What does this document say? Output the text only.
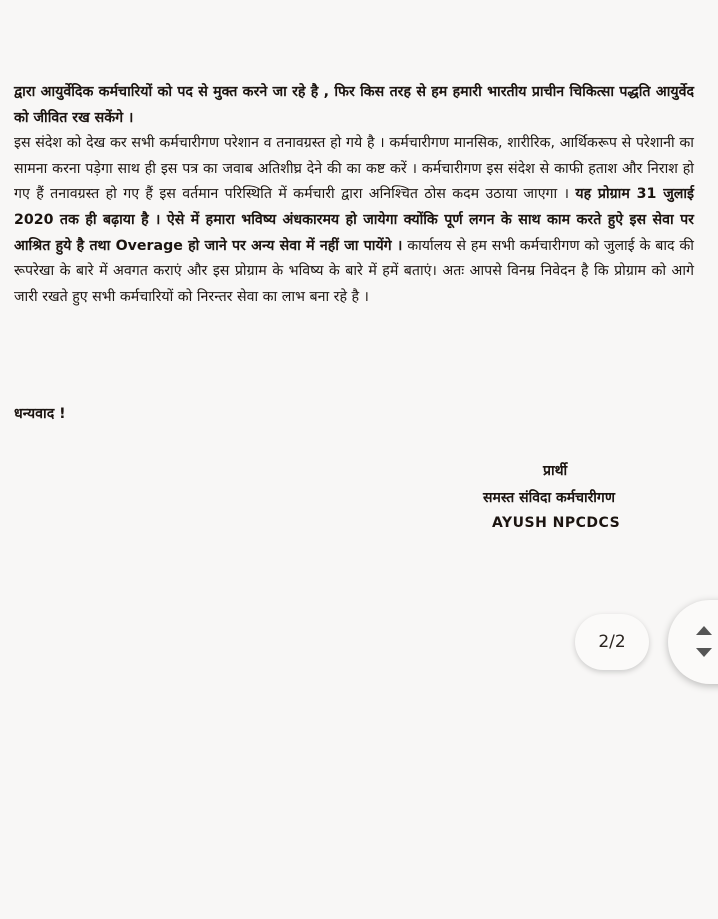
द्वारा आयुर्वेदिक कर्मचारियों को पद से मुक्त करने जा रहे है , फिर किस तरह से हम हमारी भारतीय प्राचीन चिकित्सा पद्धति आयुर्वेद को जीवित रख सकेंगे ।

इस संदेश को देख कर सभी कर्मचारीगण परेशान व तनावग्रस्त हो गये है । कर्मचारीगण मानसिक, शारीरिक, आर्थिकरूप से परेशानी का सामना करना पड़ेगा साथ ही इस पत्र का जवाब अतिशीघ्र देने की का कष्ट करें । कर्मचारीगण इस संदेश से काफी हताश और निराश हो गए हैं तनावग्रस्त हो गए हैं इस वर्तमान परिस्थिति में कर्मचारी द्वारा अनिश्चित ठोस कदम उठाया जाएगा । यह प्रोग्राम 31 जुलाई 2020 तक ही बढ़ाया है । ऐसे में हमारा भविष्य अंधकारमय हो जायेगा क्योंकि पूर्ण लगन के साथ काम करते हुऐ इस सेवा पर आश्रित हुये है तथा Overage हो जाने पर अन्य सेवा में नहीं जा पायेंगे । कार्यालय से हम सभी कर्मचारीगण को जुलाई के बाद की रूपरेखा के बारे में अवगत कराएं और इस प्रोग्राम के भविष्य के बारे में हमें बताएं। अतः आपसे विनम्र निवेदन है कि प्रोग्राम को आगे जारी रखते हुए सभी कर्मचारियों को निरन्तर सेवा का लाभ बना रहे है ।

धन्यवाद !
प्रार्थी
समस्त संविदा कर्मचारीगण
AYUSH NPCDCS
2/2
